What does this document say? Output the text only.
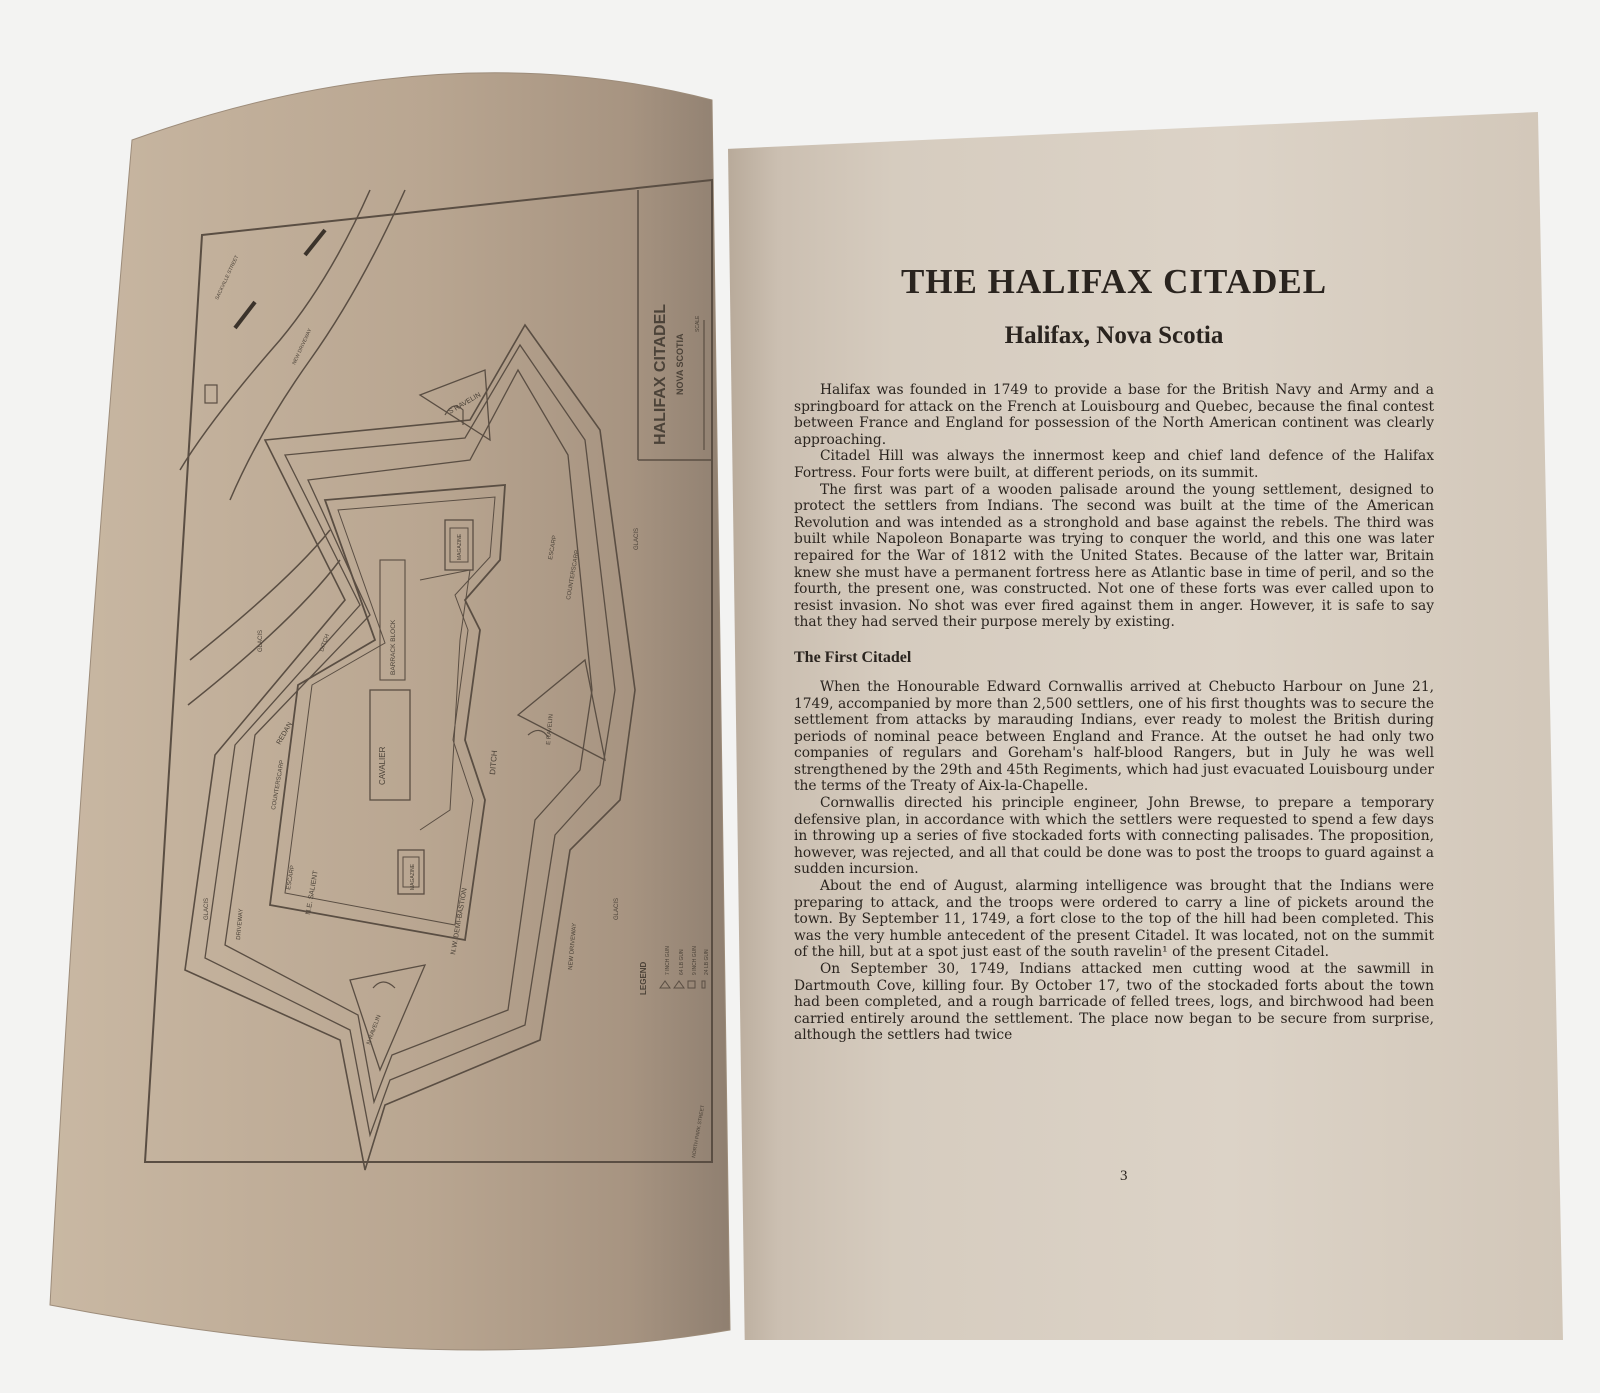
S RAVELIN
CAVALIER
BARRACK BLOCK
MAGAZINE
MAGAZINE
N.E. SALIENT	N.W. DEMI-BASTION
E RAVELIN
N RAVELIN
DITCH
DITCH
REDAN
ESCARP
ESCARP
COUNTERSCARP
COUNTERSCARP
GLACIS
GLACIS
GLACIS	GLACIS
DRIVEWAY	NEW DRIVEWAY
NEW DRIVEWAY
NORTH PARK STREET
SACKVILLE STREET
HALIFAX CITADEL NOVA SCOTIA
SCALE
LEGEND
7 INCH GUN 64 LB GUN 9 INCH GUN 24 LB GUN
THE HALIFAX CITADEL
Halifax, Nova Scotia

Halifax was founded in 1749 to provide a base for the British Navy and Army and a springboard for attack on the French at Louisbourg and Quebec, because the final contest between France and England for possession of the North American continent was clearly approaching.

Citadel Hill was always the innermost keep and chief land defence of the Halifax Fortress. Four forts were built, at different periods, on its summit.

The first was part of a wooden palisade around the young settlement, designed to protect the settlers from Indians. The second was built at the time of the American Revolution and was intended as a stronghold and base against the rebels. The third was built while Napoleon Bonaparte was trying to conquer the world, and this one was later repaired for the War of 1812 with the United States. Because of the latter war, Britain knew she must have a permanent fortress here as Atlantic base in time of peril, and so the fourth, the present one, was constructed. Not one of these forts was ever called upon to resist invasion. No shot was ever fired against them in anger. However, it is safe to say that they had served their purpose merely by existing.

The First Citadel

When the Honourable Edward Cornwallis arrived at Chebucto Harbour on June 21, 1749, accompanied by more than 2,500 settlers, one of his first thoughts was to secure the settlement from attacks by marauding Indians, ever ready to molest the British during periods of nominal peace between England and France. At the outset he had only two companies of regulars and Goreham's half-blood Rangers, but in July he was well strengthened by the 29th and 45th Regiments, which had just evacuated Louisbourg under the terms of the Treaty of Aix-la-Chapelle.

Cornwallis directed his principle engineer, John Brewse, to prepare a temporary defensive plan, in accordance with which the settlers were requested to spend a few days in throwing up a series of five stockaded forts with connecting palisades. The proposition, however, was rejected, and all that could be done was to post the troops to guard against a sudden incursion.

About the end of August, alarming intelligence was brought that the Indians were preparing to attack, and the troops were ordered to carry a line of pickets around the town. By September 11, 1749, a fort close to the top of the hill had been completed. This was the very humble antecedent of the present Citadel. It was located, not on the summit of the hill, but at a spot just east of the south ravelin¹ of the present Citadel.

On September 30, 1749, Indians attacked men cutting wood at the sawmill in Dartmouth Cove, killing four. By October 17, two of the stockaded forts about the town had been completed, and a rough barricade of felled trees, logs, and birchwood had been carried entirely around the settlement. The place now began to be secure from surprise, although the settlers had twice

3
